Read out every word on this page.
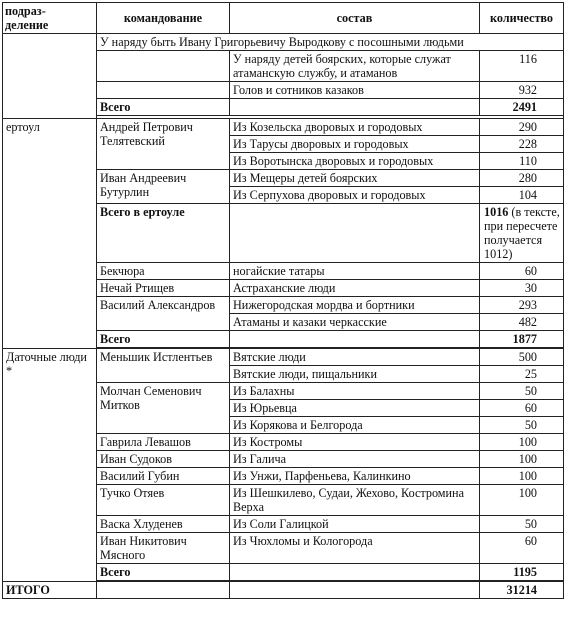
подраз-
деление	командование	состав	количество
	У наряду быть Ивану Григорьевичу Выродкову с посошными людьми		
		У наряду детей боярских, которые служат атаманскую службу, и атаманов	116
		Голов и сотников казаков	932
	Всего		2491

ертоул	Андрей Петрович Телятевский	Из Козельска дворовых и городовых	290
		Из Тарусы дворовых и городовых	228
		Из Воротынска дворовых и городовых	110
	Иван Андреевич Бутурлин	Из Мещеры детей боярских	280
		Из Серпухова дворовых и городовых	104
	Всего в ертоуле		1016 (в тексте, при пересчете получается 1012)
	Бекчюра	ногайские татары	60
	Нечай Ртищев	Астраханские люди	30
	Василий Александров	Нижегородская мордва и бортники	293
		Атаманы и казаки черкасские	482
	Всего		1877

Даточные люди *	Меньшик Истлентьев	Вятские люди	500
		Вятские люди, пищальники	25
	Молчан Семенович Митков	Из Балахны	50
		Из Юрьевца	60
		Из Корякова и Белгорода	50
	Гаврила Левашов	Из Костромы	100
	Иван Судоков	Из Галича	100
	Василий Губин	Из Унжи, Парфеньева, Калинкино	100
	Тучко Отяев	Из Шешкилево, Судаи, Жехово, Костромина Верха	100
	Васка Хлуденев	Из Соли Галицкой	50
	Иван Никитович Мясного	Из Чюхломы и Кологорода	60
	Всего		1195

ИТОГО			31214
